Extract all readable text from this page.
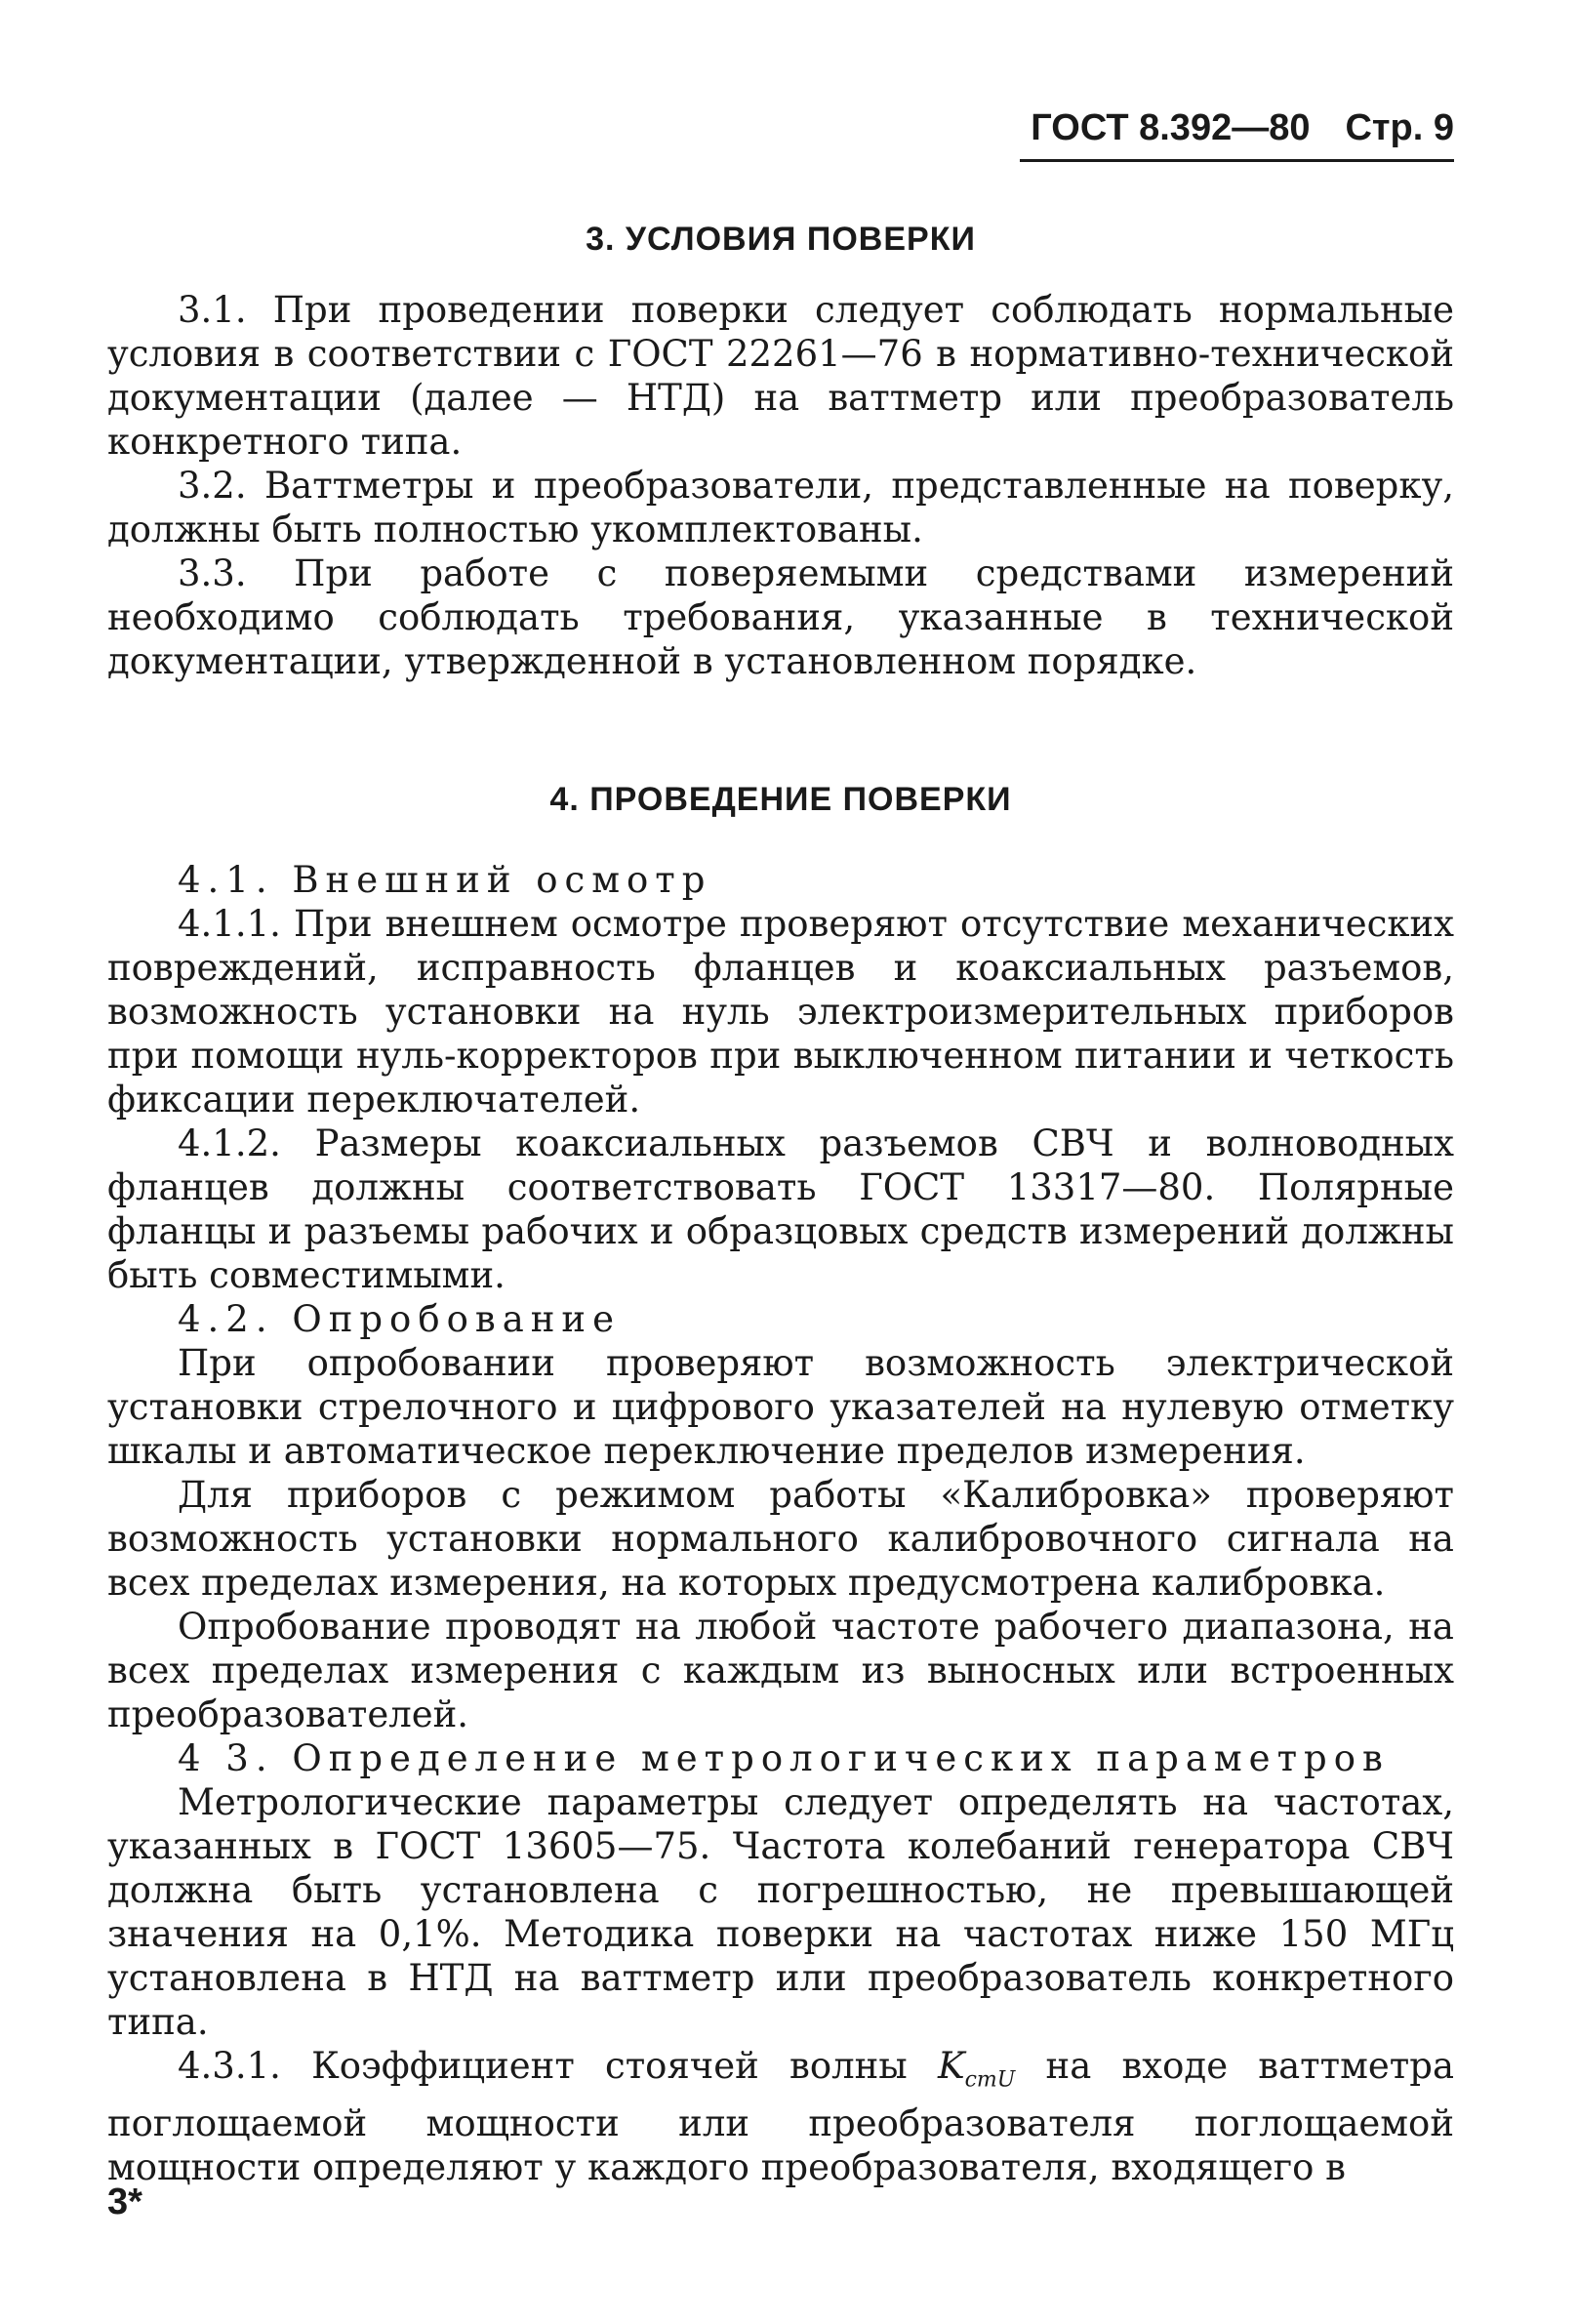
ГОСТ 8.392—80 Стр. 9
3. УСЛОВИЯ ПОВЕРКИ

3.1. При проведении поверки следует соблюдать нормальные условия в соответствии с ГОСТ 22261—76 в нормативно-технической документации (далее — НТД) на ваттметр или преобразователь конкретного типа.

3.2. Ваттметры и преобразователи, представленные на поверку, должны быть полностью укомплектованы.

3.3. При работе с поверяемыми средствами измерений необходимо соблюдать требования, указанные в технической документации, утвержденной в установленном порядке.

4. ПРОВЕДЕНИЕ ПОВЕРКИ

4.1. Внешний осмотр

4.1.1. При внешнем осмотре проверяют отсутствие механических повреждений, исправность фланцев и коаксиальных разъемов, возможность установки на нуль электроизмерительных приборов при помощи нуль-корректоров при выключенном питании и четкость фиксации переключателей.

4.1.2. Размеры коаксиальных разъемов СВЧ и волноводных фланцев должны соответствовать ГОСТ 13317—80. Полярные фланцы и разъемы рабочих и образцовых средств измерений должны быть совместимыми.

4.2. Опробование

При опробовании проверяют возможность электрической установки стрелочного и цифрового указателей на нулевую отметку шкалы и автоматическое переключение пределов измерения.

Для приборов с режимом работы «Калибровка» проверяют возможность установки нормального калибровочного сигнала на всех пределах измерения, на которых предусмотрена калибровка.

Опробование проводят на любой частоте рабочего диапазона, на всех пределах измерения с каждым из выносных или встроенных преобразователей.

4 3. Определение метрологических параметров

Метрологические параметры следует определять на частотах, указанных в ГОСТ 13605—75. Частота колебаний генератора СВЧ должна быть установлена с погрешностью, не превышающей значения на 0,1%. Методика поверки на частотах ниже 150 МГц установлена в НТД на ваттметр или преобразователь конкретного типа.

4.3.1. Коэффициент стоячей волны $K_{стU}$ на входе ваттметра поглощаемой мощности или преобразователя поглощаемой мощности определяют у каждого преобразователя, входящего в

3*
